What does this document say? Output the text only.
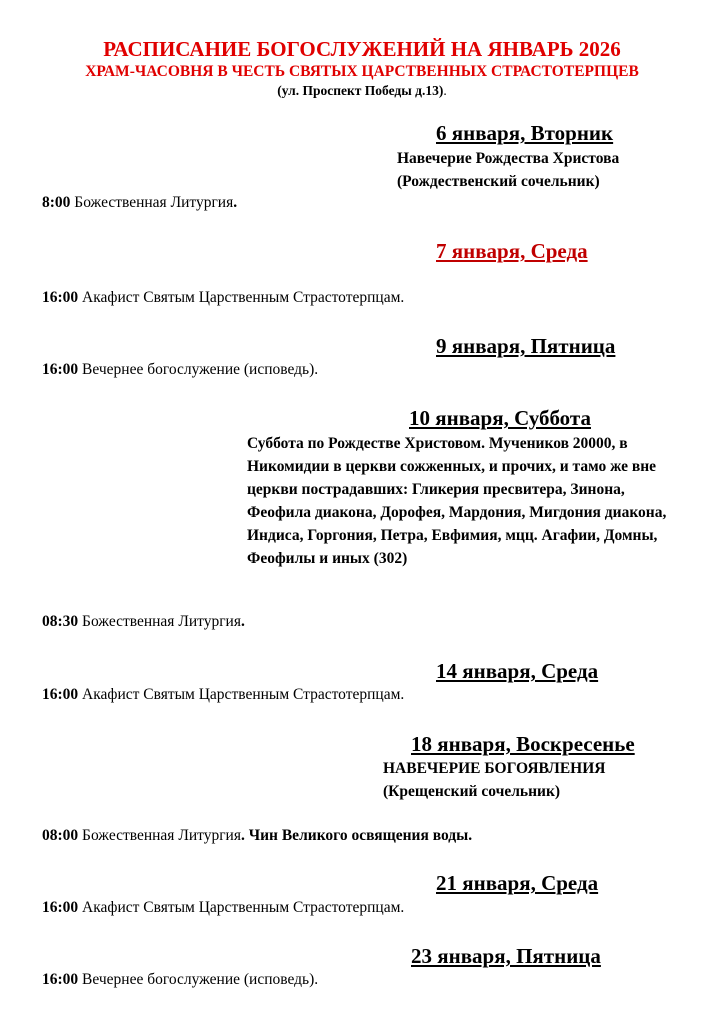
РАСПИСАНИЕ БОГОСЛУЖЕНИЙ НА ЯНВАРЬ 2026
ХРАМ-ЧАСОВНЯ В ЧЕСТЬ СВЯТЫХ ЦАРСТВЕННЫХ СТРАСТОТЕРПЦЕВ
(ул. Проспект Победы д.13).
6 января, Вторник
Навечерие Рождества Христова
(Рождественский сочельник)
8:00 Божественная Литургия.
7 января, Среда
16:00 Акафист Святым Царственным Страстотерпцам.
9 января, Пятница
16:00 Вечернее богослужение (исповедь).
10 января, Суббота
Суббота по Рождестве Христовом. Мучеников 20000, в Никомидии в церкви сожженных, и прочих, и тамо же вне церкви пострадавших: Гликерия пресвитера, Зинона, Феофила диакона, Дорофея, Мардония, Мигдония диакона, Индиса, Горгония, Петра, Евфимия, мцц. Агафии, Домны, Феофилы и иных (302)
08:30 Божественная Литургия.
14 января, Среда
16:00 Акафист Святым Царственным Страстотерпцам.
18 января, Воскресенье
НАВЕЧЕРИЕ БОГОЯВЛЕНИЯ
(Крещенский сочельник)
08:00 Божественная Литургия. Чин Великого освящения воды.
21 января, Среда
16:00 Акафист Святым Царственным Страстотерпцам.
23 января, Пятница
16:00 Вечернее богослужение (исповедь).
